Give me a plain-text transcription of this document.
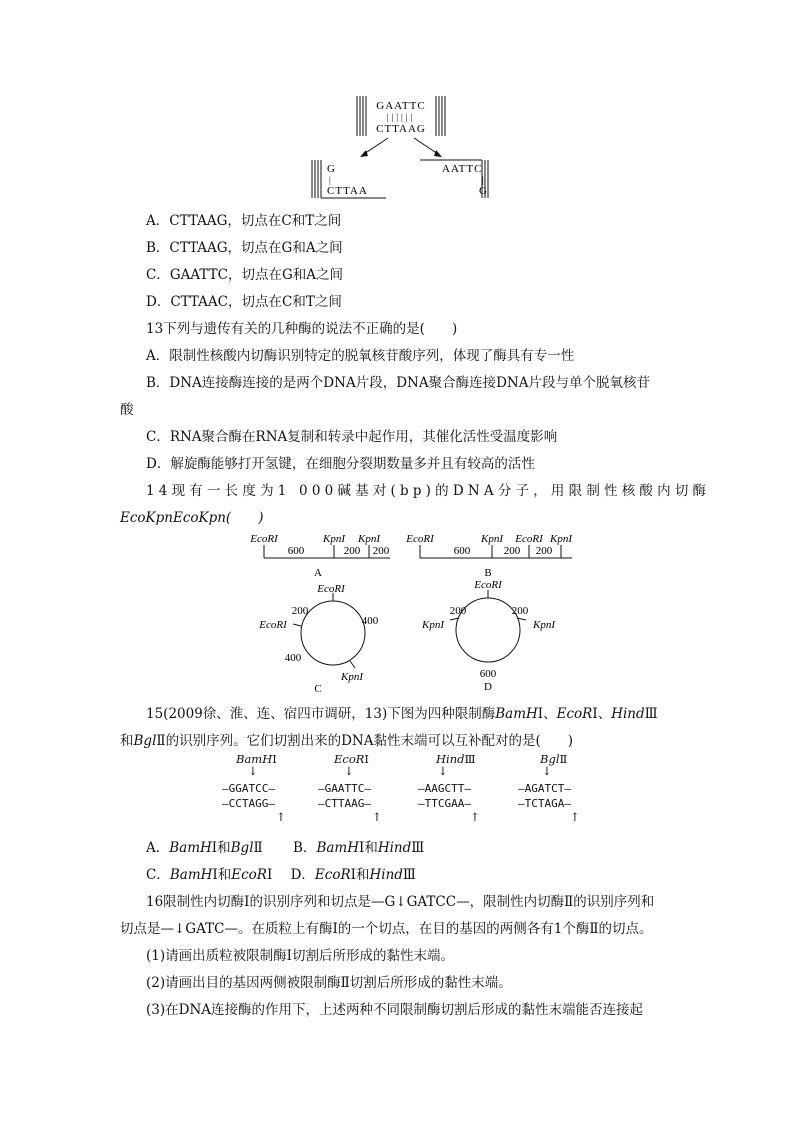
GAATTC
||||||
CTTAAG
G
|
CTTAA
AATTC
|
G
A．CTTAAG，切点在C和T之间
B．CTTAAG，切点在G和A之间
C．GAATTC，切点在G和A之间
D．CTTAAC，切点在C和T之间
13下列与遗传有关的几种酶的说法不正确的是(　　)
A．限制性核酸内切酶识别特定的脱氧核苷酸序列，体现了酶具有专一性
B．DNA连接酶连接的是两个DNA片段，DNA聚合酶连接DNA片段与单个脱氧核苷
酸
C．RNA聚合酶在RNA复制和转录中起作用，其催化活性受温度影响
D．解旋酶能够打开氢键，在细胞分裂期数量多并且有较高的活性
14现有一长度为1 000碱基对(bp)的DNA分子，用限制性核酸内切酶
EcoKpnEcoKpn(　　)
EcoRI	KpnI KpnI
600	200 200
A
EcoRI	KpnI EcoRI KpnI
600	200 200
B
EcoRI
EcoRI
KpnI
200
400
400
C
EcoRI
KpnI	KpnI
200	200
600
D
15(2009徐、淮、连、宿四市调研，13)下图为四种限制酶BamHⅠ、EcoRⅠ、HindⅢ
和BglⅡ的识别序列。它们切割出来的DNA黏性末端可以互补配对的是(　　)
BamHⅠ
↓
—GGATCC—
—CCTAGG—
↑
EcoRⅠ
↓
—GAATTC—
—CTTAAG—
↑
HindⅢ
↓
—AAGCTT—
—TTCGAA—
↑
BglⅡ
↓
—AGATCT—
—TCTAGA—
↑
A．BamHⅠ和BglⅡ B．BamHⅠ和HindⅢ
C．BamHⅠ和EcoRⅠ D．EcoRⅠ和HindⅢ
16限制性内切酶Ⅰ的识别序列和切点是—G↓GATCC—，限制性内切酶Ⅱ的识别序列和
切点是—↓GATC—。在质粒上有酶Ⅰ的一个切点，在目的基因的两侧各有1个酶Ⅱ的切点。
(1)请画出质粒被限制酶Ⅰ切割后所形成的黏性末端。
(2)请画出目的基因两侧被限制酶Ⅱ切割后所形成的黏性末端。
(3)在DNA连接酶的作用下，上述两种不同限制酶切割后形成的黏性末端能否连接起
